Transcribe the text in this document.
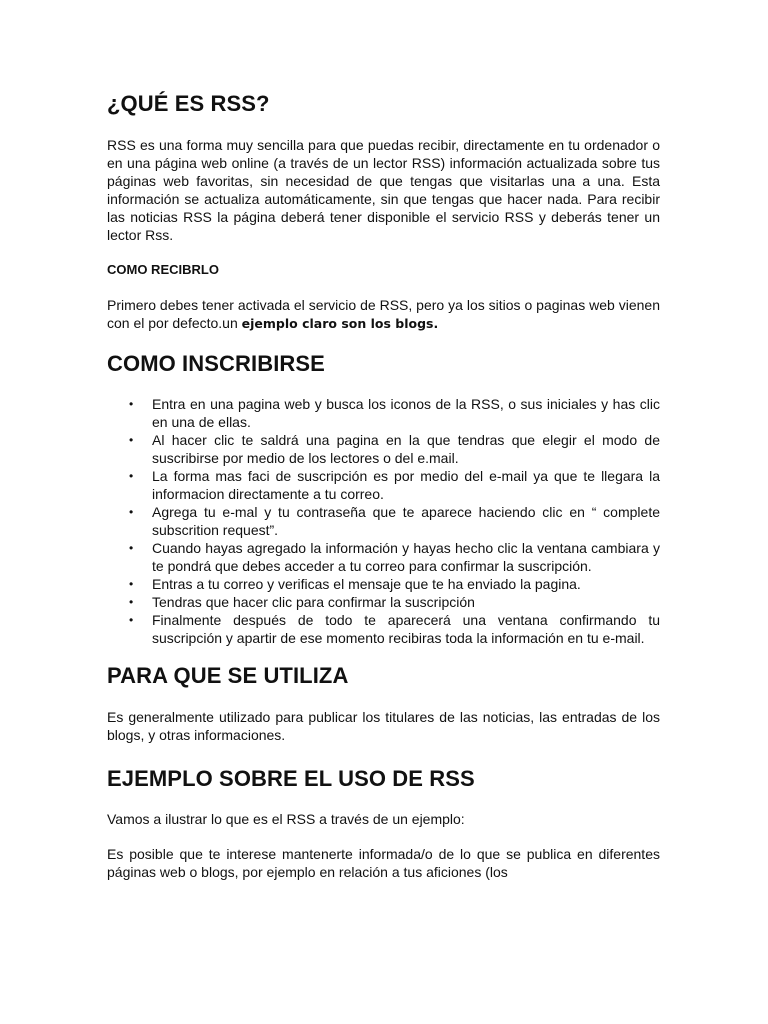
¿QUÉ ES RSS?

RSS es una forma muy sencilla para que puedas recibir, directamente en tu ordenador o en una página web online (a través de un lector RSS) información actualizada sobre tus páginas web favoritas, sin necesidad de que tengas que visitarlas una a una. Esta información se actualiza automáticamente, sin que tengas que hacer nada. Para recibir las noticias RSS la página deberá tener disponible el servicio RSS y deberás tener un lector Rss.

COMO RECIBRLO

Primero debes tener activada el servicio de RSS, pero ya los sitios o paginas web vienen con el por defecto.un ejemplo claro son los blogs.

COMO INSCRIBIRSE
• Entra en una pagina web y busca los iconos de la RSS, o sus iniciales y has clic en una de ellas.
• Al hacer clic te saldrá una pagina en la que tendras que elegir el modo de suscribirse por medio de los lectores o del e.mail.
• La forma mas faci de suscripción es por medio del e-mail ya que te llegara la informacion directamente a tu correo.
• Agrega tu e-mal y tu contraseña que te aparece haciendo clic en “ complete subscrition request”.
• Cuando hayas agregado la información y hayas hecho clic la ventana cambiara y te pondrá que debes acceder a tu correo para confirmar la suscripción.
• Entras a tu correo y verificas el mensaje que te ha enviado la pagina.
• Tendras que hacer clic para confirmar la suscripción
• Finalmente después de todo te aparecerá una ventana confirmando tu suscripción y apartir de ese momento recibiras toda la información en tu e-mail.
PARA QUE SE UTILIZA

Es generalmente utilizado para publicar los titulares de las noticias, las entradas de los blogs, y otras informaciones.

EJEMPLO SOBRE EL USO DE RSS

Vamos a ilustrar lo que es el RSS a través de un ejemplo:

Es posible que te interese mantenerte informada/o de lo que se publica en diferentes páginas web o blogs, por ejemplo en relación a tus aficiones (los
